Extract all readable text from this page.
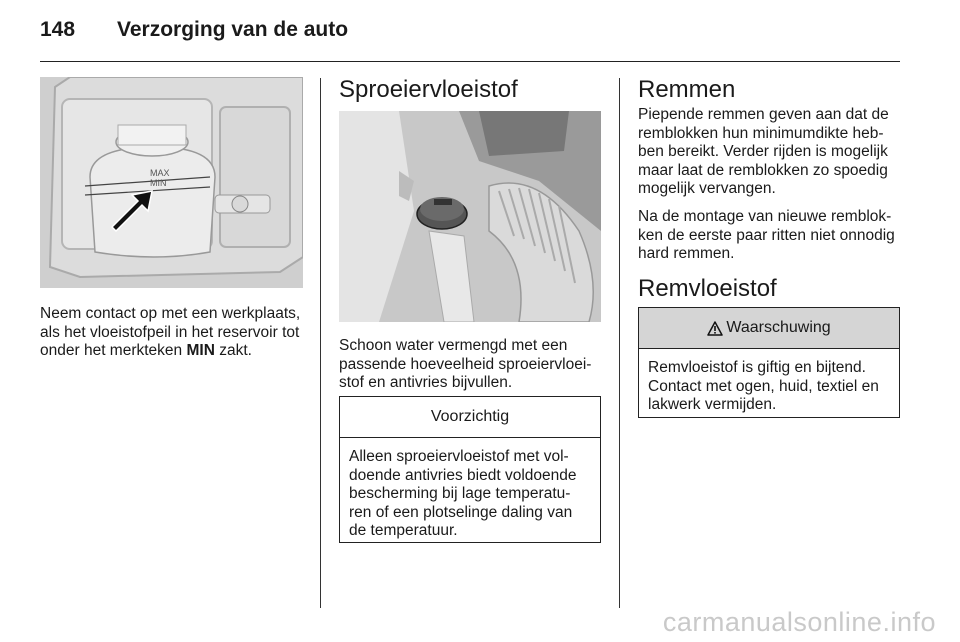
148	Verzorging van de auto
MAX
MIN

Neem contact op met een werkplaats, als het vloeistofpeil in het reservoir tot onder het merkteken MIN zakt.

Sproeiervloeistof

Schoon water vermengd met een passende hoeveelheid sproeiervloei-stof en antivries bijvullen.

Voorzichtig
Alleen sproeiervloeistof met vol-doende antivries biedt voldoende bescherming bij lage temperatu-ren of een plotselinge daling van de temperatuur.
Remmen

Piepende remmen geven aan dat de remblokken hun minimumdikte heb-ben bereikt. Verder rijden is mogelijk maar laat de remblokken zo spoedig mogelijk vervangen.

Na de montage van nieuwe remblok-ken de eerste paar ritten niet onnodig hard remmen.

Remvloeistof
Waarschuwing
Remvloeistof is giftig en bijtend. Contact met ogen, huid, textiel en lakwerk vermijden.
carmanualsonline.info
